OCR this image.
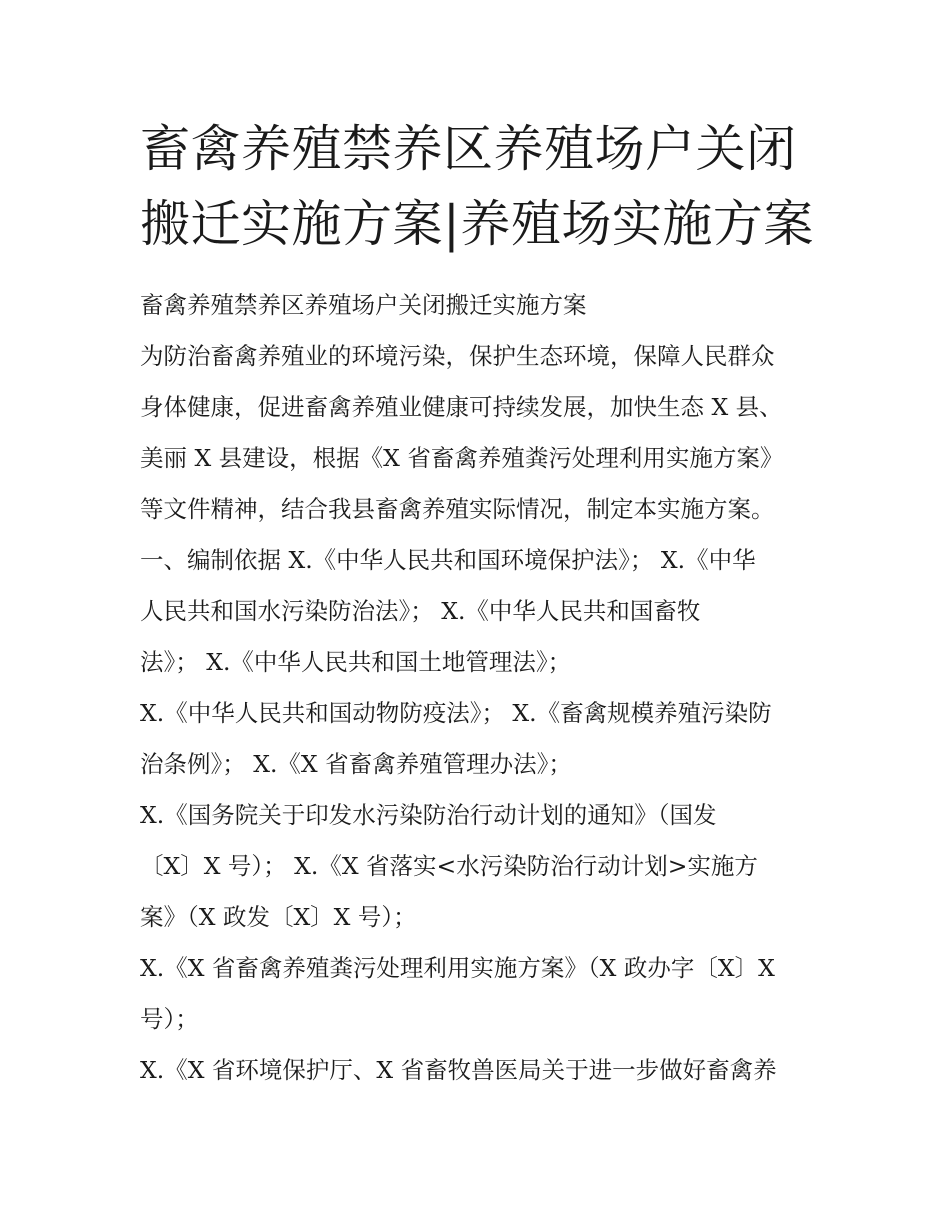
畜禽养殖禁养区养殖场户关闭
搬迁实施方案|养殖场实施方案

畜禽养殖禁养区养殖场户关闭搬迁实施方案

为防治畜禽养殖业的环境污染，保护生态环境，保障人民群众

身体健康，促进畜禽养殖业健康可持续发展，加快生态 X 县、

美丽 X 县建设，根据《X 省畜禽养殖粪污处理利用实施方案》

等文件精神，结合我县畜禽养殖实际情况，制定本实施方案。

一、编制依据 X.《中华人民共和国环境保护法》； X.《中华

人民共和国水污染防治法》； X.《中华人民共和国畜牧

法》； X.《中华人民共和国土地管理法》；

X.《中华人民共和国动物防疫法》； X.《畜禽规模养殖污染防

治条例》； X.《X 省畜禽养殖管理办法》；

X.《国务院关于印发水污染防治行动计划的通知》（国发

〔X〕X 号）； X.《X 省落实<水污染防治行动计划>实施方

案》（X 政发〔X〕X 号）；

X.《X 省畜禽养殖粪污处理利用实施方案》（X 政办字〔X〕X

号）；

X.《X 省环境保护厅、X 省畜牧兽医局关于进一步做好畜禽养
